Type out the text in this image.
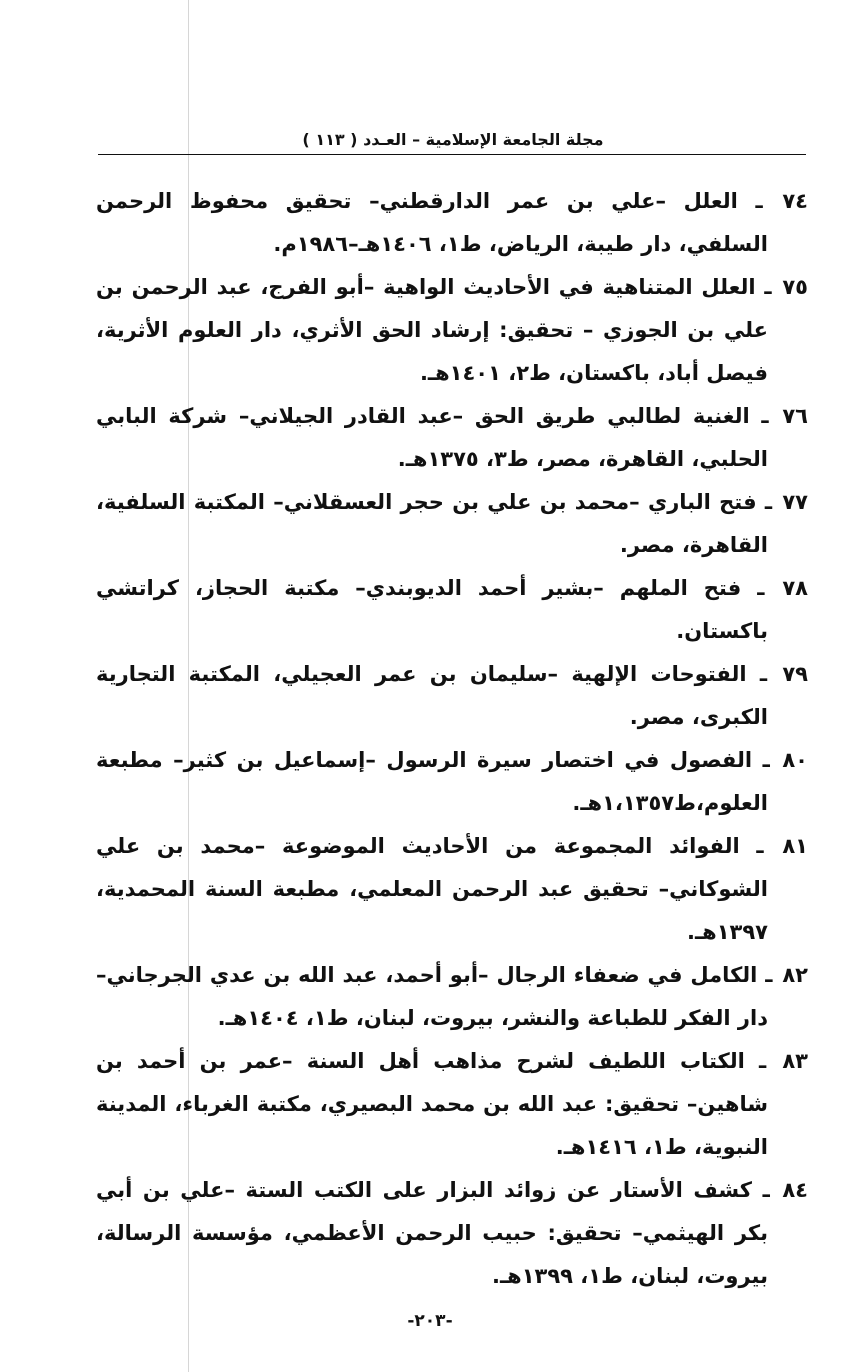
مجلة الجامعة الإسلامية – العـدد ( ١١٣ )

٧٤ ـ العلل –علي بن عمر الدارقطني– تحقيق محفوظ الرحمن السلفي، دار طيبة، الرياض، ط١، ١٤٠٦هـ–١٩٨٦م.

٧٥ ـ العلل المتناهية في الأحاديث الواهية –أبو الفرج، عبد الرحمن بن علي بن الجوزي – تحقيق: إرشاد الحق الأثري، دار العلوم الأثرية، فيصل أباد، باكستان، ط٢، ١٤٠١هـ.

٧٦ ـ الغنية لطالبي طريق الحق –عبد القادر الجيلاني– شركة البابي الحلبي، القاهرة، مصر، ط٣، ١٣٧٥هـ.

٧٧ ـ فتح الباري –محمد بن علي بن حجر العسقلاني– المكتبة السلفية، القاهرة، مصر.

٧٨ ـ فتح الملهم –بشير أحمد الديوبندي– مكتبة الحجاز، كراتشي باكستان.

٧٩ ـ الفتوحات الإلهية –سليمان بن عمر العجيلي، المكتبة التجارية الكبرى، مصر.

٨٠ ـ الفصول في اختصار سيرة الرسول –إسماعيل بن كثير– مطبعة العلوم،ط١،١٣٥٧هـ.

٨١ ـ الفوائد المجموعة من الأحاديث الموضوعة –محمد بن علي الشوكاني– تحقيق عبد الرحمن المعلمي، مطبعة السنة المحمدية، ١٣٩٧هـ.

٨٢ ـ الكامل في ضعفاء الرجال –أبو أحمد، عبد الله بن عدي الجرجاني– دار الفكر للطباعة والنشر، بيروت، لبنان، ط١، ١٤٠٤هـ.

٨٣ ـ الكتاب اللطيف لشرح مذاهب أهل السنة –عمر بن أحمد بن شاهين– تحقيق: عبد الله بن محمد البصيري، مكتبة الغرباء، المدينة النبوية، ط١، ١٤١٦هـ.

٨٤ ـ كشف الأستار عن زوائد البزار على الكتب الستة –علي بن أبي بكر الهيثمي– تحقيق: حبيب الرحمن الأعظمي، مؤسسة الرسالة، بيروت، لبنان، ط١، ١٣٩٩هـ.

-٢٠٣-
